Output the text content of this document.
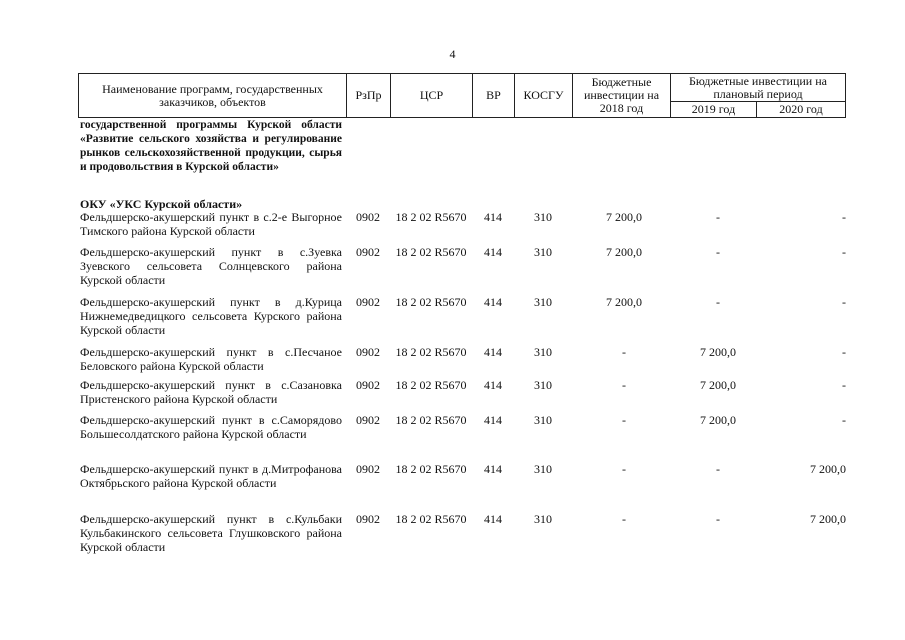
4
Наименование программ, государственных заказчиков, объектов	РзПр	ЦСР	ВР	КОСГУ
Бюджетные инвестиции на 2018 год
Бюджетные инвестиции на плановый период
2019 год	2020 год
государственной программы Курской области «Развитие сельского хозяйства и регулирование рынков сельскохозяйственной продукции, сырья и продовольствия в Курской области»
ОКУ «УКС Курской области»
Фельдшерско-акушерский пункт в с.2-е Выгорное Тимского района Курской области
0902	18 2 02 R5670	414	310	7 200,0	-	-
Фельдшерско-акушерский пункт в с.Зуевка Зуевского сельсовета Солнцевского района Курской области
0902	18 2 02 R5670	414	310	7 200,0	-	-
Фельдшерско-акушерский пункт в д.Курица Нижнемедведицкого сельсовета Курского района Курской области
0902	18 2 02 R5670	414	310	7 200,0	-	-
Фельдшерско-акушерский пункт в с.Песчаное Беловского района Курской области
0902	18 2 02 R5670	414	310	-	7 200,0	-
Фельдшерско-акушерский пункт в с.Сазановка Пристенского района Курской области
0902	18 2 02 R5670	414	310	-	7 200,0	-
Фельдшерско-акушерский пункт в с.Саморядово Большесолдатского района Курской области
0902	18 2 02 R5670	414	310	-	7 200,0	-
Фельдшерско-акушерский пункт в д.Митрофанова Октябрьского района Курской области
0902	18 2 02 R5670	414	310	-	-	7 200,0
Фельдшерско-акушерский пункт в с.Кульбаки Кульбакинского сельсовета Глушковского района Курской области
0902	18 2 02 R5670	414	310	-	-	7 200,0
